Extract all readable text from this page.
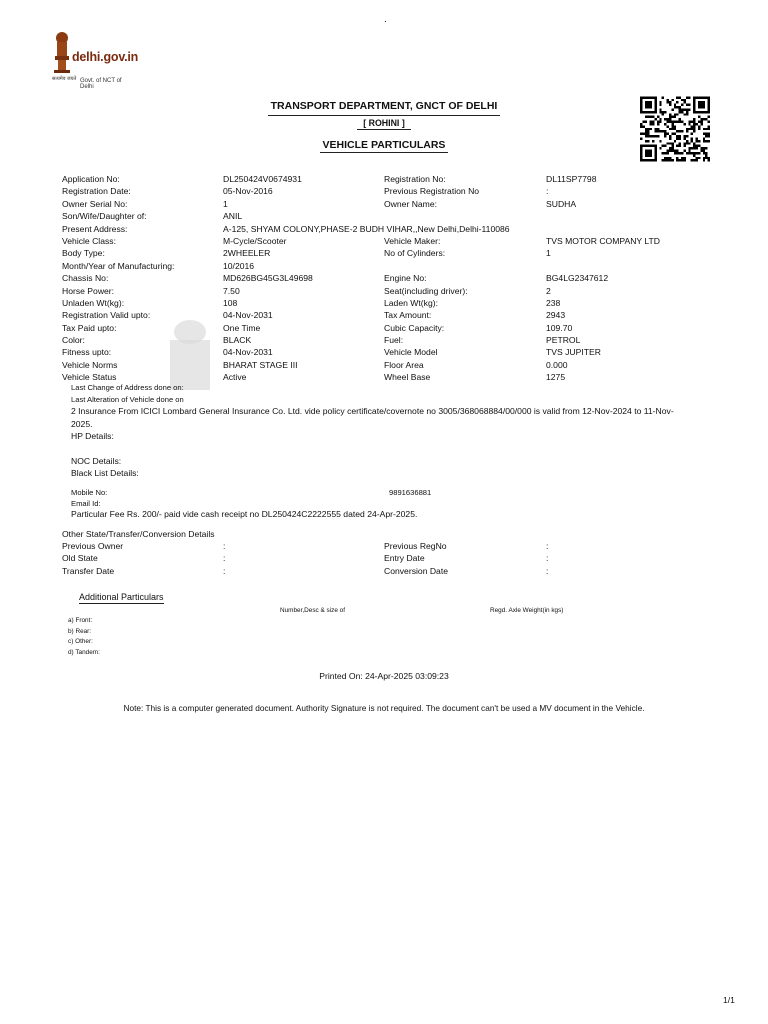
.
delhi.gov.in
सत्यमेव जयते Govt. of NCT of Delhi
TRANSPORT DEPARTMENT, GNCT OF DELHI
[ ROHINI ]
VEHICLE PARTICULARS
Application No:	DL250424V0674931	Registration No:	DL11SP7798
Registration Date:	05-Nov-2016	Previous Registration No	:
Owner Serial No:	1	Owner Name:	SUDHA
Son/Wife/Daughter of:	ANIL
Present Address:	A-125, SHYAM COLONY,PHASE-2 BUDH VIHAR,,New Delhi,Delhi-110086
Vehicle Class:	M-Cycle/Scooter	Vehicle Maker:	TVS MOTOR COMPANY LTD
Body Type:	2WHEELER	No of Cylinders:	1
Month/Year of Manufacturing:	10/2016
Chassis No:	MD626BG45G3L49698	Engine No:	BG4LG2347612
Horse Power:	7.50	Seat(including driver):	2
Unladen Wt(kg):	108	Laden Wt(kg):	238
Registration Valid upto:	04-Nov-2031	Tax Amount:	2943
Tax Paid upto:	One Time	Cubic Capacity:	109.70
Color:	BLACK	Fuel:	PETROL
Fitness upto:	04-Nov-2031	Vehicle Model	TVS JUPITER
Vehicle Norms	BHARAT STAGE III	Floor Area	0.000
Vehicle Status	Active	Wheel Base	1275
Last Change of Address done on:
Last Alteration of Vehicle done on
2 Insurance From ICICI Lombard General Insurance Co. Ltd. vide policy certificate/covernote no 3005/368068884/00/000 is valid from 12-Nov-2024 to 11-Nov-
2025.
HP Details:
NOC Details:
Black List Details:
Mobile No:	9891636881
Email Id:
Particular Fee Rs. 200/- paid vide cash receipt no DL250424C2222555 dated 24-Apr-2025.
Other State/Transfer/Conversion Details
Previous Owner	:	Previous RegNo	:
Old State	:	Entry Date	:
Transfer Date	:	Conversion Date	:
Additional Particulars
Number,Desc & size of	Regd. Axle Weight(in kgs)
a) Front:
b) Rear:
c) Other:
d) Tandem:
Printed On: 24-Apr-2025 03:09:23
Note: This is a computer generated document. Authority Signature is not required. The document can't be used a MV document in the Vehicle.
1/1
